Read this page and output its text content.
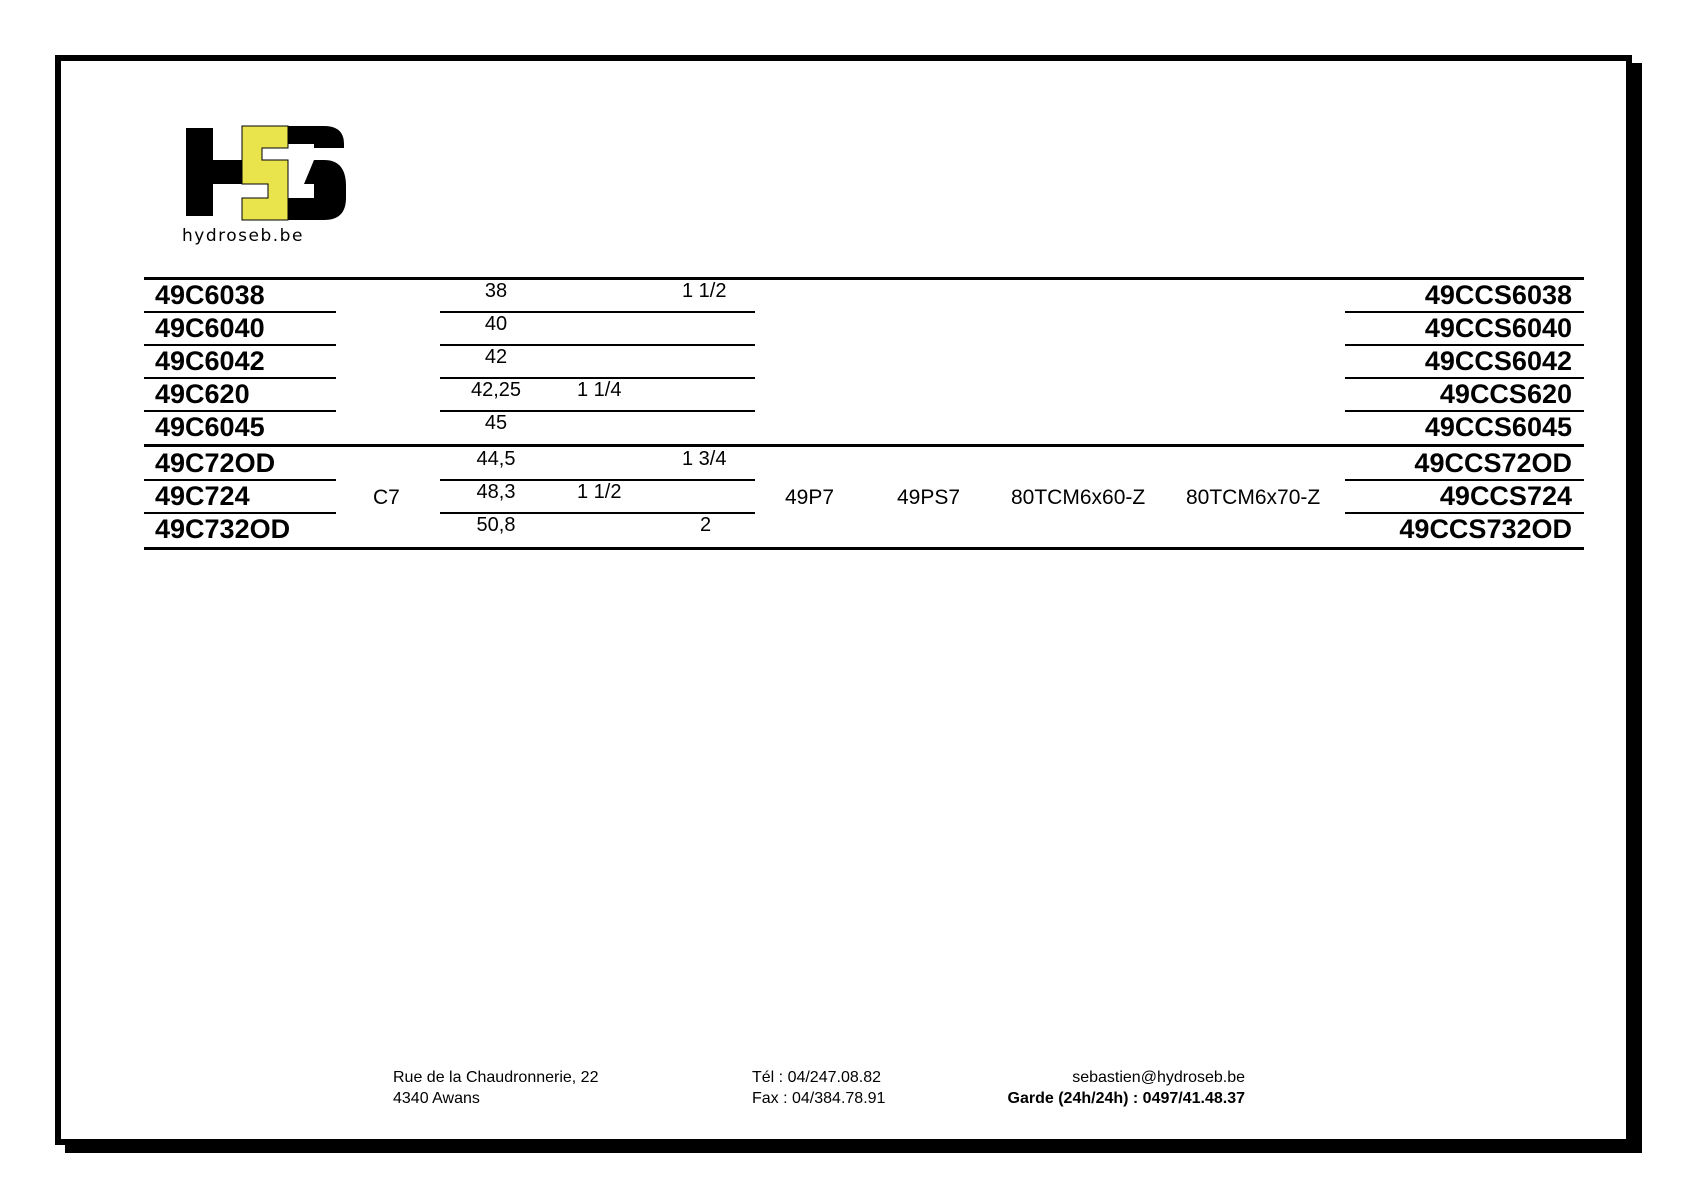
hydroseb.be
49C6038
49C6040
49C6042
49C620
49C6045
49C72OD
49C724
49C732OD
38
40
42
42,25
45
44,5
48,3
50,8
1 1/4
1 1/2
1 1/2
1 3/4
2
C7	49P7	49PS7 80TCM6x60-Z 80TCM6x70-Z
49CCS6038
49CCS6040
49CCS6042
49CCS620
49CCS6045
49CCS72OD
49CCS724
49CCS732OD
Rue de la Chaudronnerie, 22
4340 Awans
Tél : 04/247.08.82
Fax : 04/384.78.91
sebastien@hydroseb.be
Garde (24h/24h) : 0497/41.48.37
